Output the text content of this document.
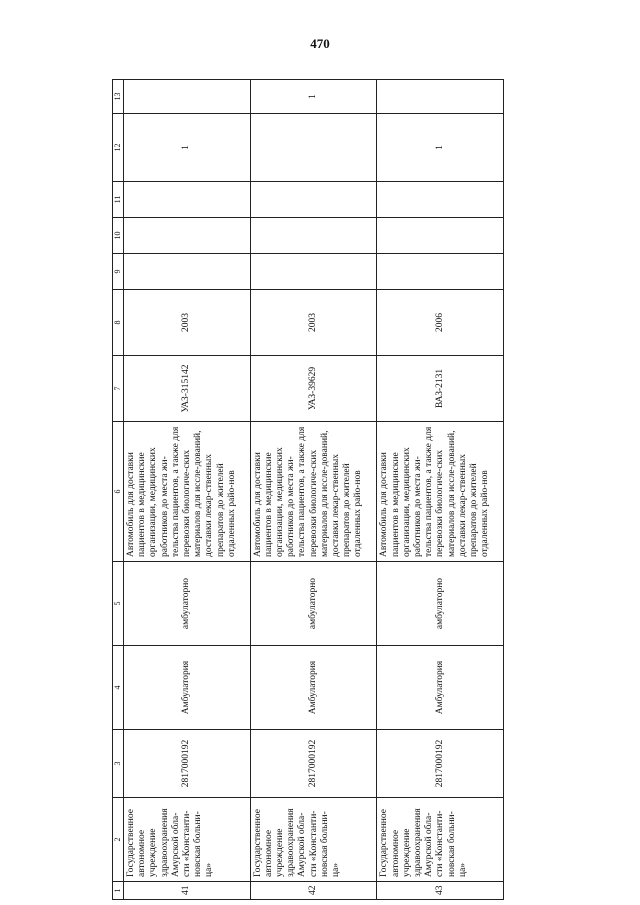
470
1	2	3	4	5	6	7	8	9	10	11	12	13
41	Государственное автономное учреждение здравоохранения Амурской обла-сти «Константи-новская больни-ца»	2817000192	Амбулатория	амбулаторно	Автомобиль для доставки пациентов в медицинские организации, медицинских работников до места жи-тельства пациентов, а также для перевозки биологиче-ских материалов для иссле-дований, доставки лекар-ственных препаратов до жителей отдаленных райо-нов	УАЗ-315142	2003				1	
42	Государственное автономное учреждение здравоохранения Амурской обла-сти «Константи-новская больни-ца»	2817000192	Амбулатория	амбулаторно	Автомобиль для доставки пациентов в медицинские организации, медицинских работников до места жи-тельства пациентов, а также для перевозки биологиче-ских материалов для иссле-дований, доставки лекар-ственных препаратов до жителей отдаленных райо-нов	УАЗ-39629	2003					1
43	Государственное автономное учреждение здравоохранения Амурской обла-сти «Константи-новская больни-ца»	2817000192	Амбулатория	амбулаторно	Автомобиль для доставки пациентов в медицинские организации, медицинских работников до места жи-тельства пациентов, а также для перевозки биологиче-ских материалов для иссле-дований, доставки лекар-ственных препаратов до жителей отдаленных райо-нов	ВАЗ-2131	2006				1	
